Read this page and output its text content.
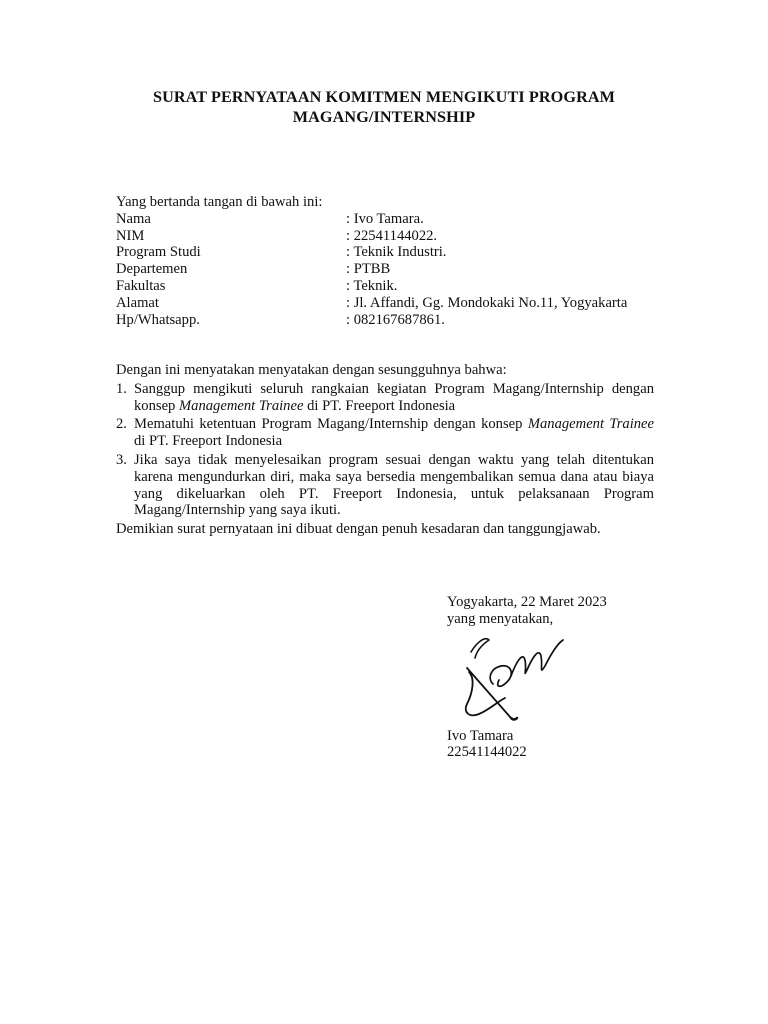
SURAT PERNYATAAN KOMITMEN MENGIKUTI PROGRAM
MAGANG/INTERNSHIP
Yang bertanda tangan di bawah ini:
Nama	: Ivo Tamara.
NIM	: 22541144022.
Program Studi	: Teknik Industri.
Departemen	: PTBB
Fakultas	: Teknik.
Alamat	: Jl. Affandi, Gg. Mondokaki No.11, Yogyakarta
Hp/Whatsapp.	: 082167687861.
Dengan ini menyatakan menyatakan dengan sesungguhnya bahwa:
1. Sanggup mengikuti seluruh rangkaian kegiatan Program Magang/Internship dengan konsep Management Trainee di PT. Freeport Indonesia
2. Mematuhi ketentuan Program Magang/Internship dengan konsep Management Trainee di PT. Freeport Indonesia
3. Jika saya tidak menyelesaikan program sesuai dengan waktu yang telah ditentukan karena mengundurkan diri, maka saya bersedia mengembalikan semua dana atau biaya yang dikeluarkan oleh PT. Freeport Indonesia, untuk pelaksanaan Program Magang/Internship yang saya ikuti.
Demikian surat pernyataan ini dibuat dengan penuh kesadaran dan tanggungjawab.
Yogyakarta, 22 Maret 2023
yang menyatakan,
Ivo Tamara
22541144022
